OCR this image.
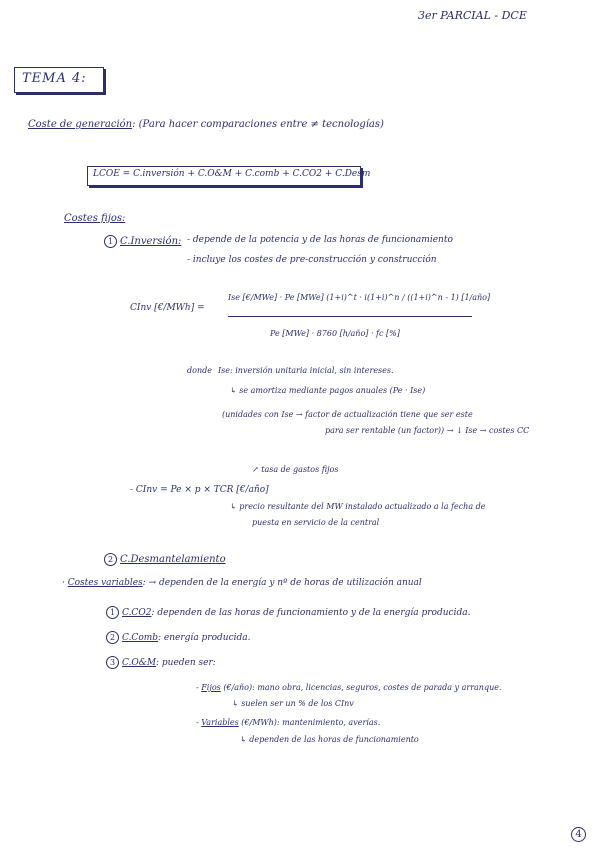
3er PARCIAL - DCE
TEMA 4:
Coste de generación: (Para hacer comparaciones entre ≠ tecnologías)
LCOE = C.inversión + C.O&M + C.comb + C.CO2 + C.Desm
Costes fijos:
1 C.Inversión: - depende de la potencia y de las horas de funcionamiento
- incluye los costes de pre-construcción y construcción
CInv [€/MWh] =
Ise [€/MWe] · Pe [MWe] (1+i)^t · i(1+i)^n / ((1+i)^n - 1) [1/año]
Pe [MWe] · 8760 [h/año] · fc [%]
donde Ise: inversión unitaria inicial, sin intereses.
↳ se amortiza mediante pagos anuales (Pe · Ise)
(unidades con Ise → factor de actualización tiene que ser este
para ser rentable (un factor)) → ↓ Ise → costes CC
↗ tasa de gastos fijos
- CInv = Pe × p × TCR [€/año]
↳ precio resultante del MW instalado actualizado a la fecha de
puesta en servicio de la central
2 C.Desmantelamiento
· Costes variables: → dependen de la energía y nº de horas de utilización anual
1 C.CO2: dependen de las horas de funcionamiento y de la energía producida.
2 C.Comb: energía producida.
3 C.O&M: pueden ser:
- Fijos (€/año): mano obra, licencias, seguros, costes de parada y arranque.
↳ suelen ser un % de los CInv
- Variables (€/MWh): mantenimiento, averías.
↳ dependen de las horas de funcionamiento
4
